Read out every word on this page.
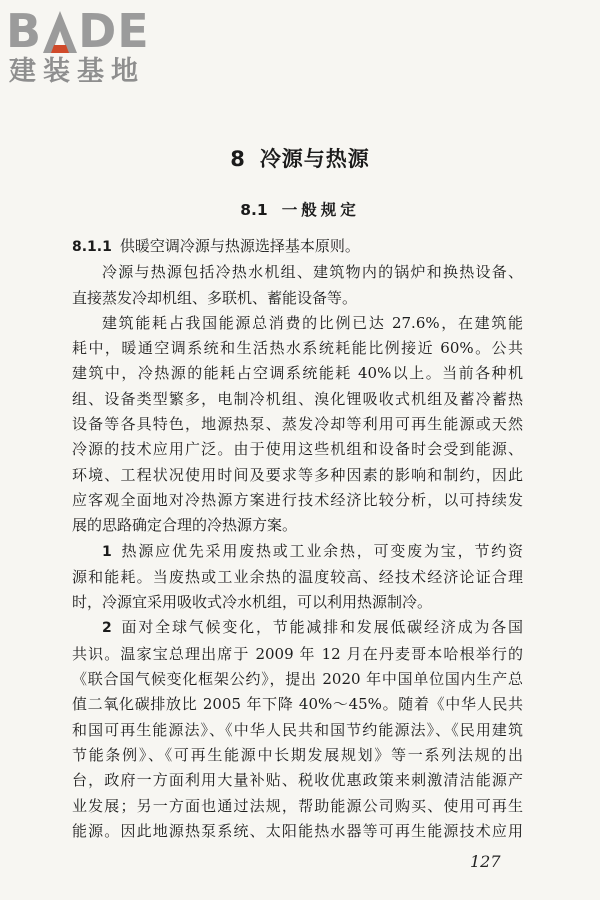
B DE
建装基地
8 冷源与热源
8.1 一般规定

8.1.1 供暖空调冷源与热源选择基本原则。

冷源与热源包括冷热水机组、建筑物内的锅炉和换热设备、

直接蒸发冷却机组、多联机、蓄能设备等。

建筑能耗占我国能源总消费的比例已达 27.6%，在建筑能

耗中，暖通空调系统和生活热水系统耗能比例接近 60%。公共

建筑中，冷热源的能耗占空调系统能耗 40%以上。当前各种机

组、设备类型繁多，电制冷机组、溴化锂吸收式机组及蓄冷蓄热

设备等各具特色，地源热泵、蒸发冷却等利用可再生能源或天然

冷源的技术应用广泛。由于使用这些机组和设备时会受到能源、

环境、工程状况使用时间及要求等多种因素的影响和制约，因此

应客观全面地对冷热源方案进行技术经济比较分析，以可持续发

展的思路确定合理的冷热源方案。

1 热源应优先采用废热或工业余热，可变废为宝，节约资

源和能耗。当废热或工业余热的温度较高、经技术经济论证合理

时，冷源宜采用吸收式冷水机组，可以利用热源制冷。

2 面对全球气候变化，节能减排和发展低碳经济成为各国

共识。温家宝总理出席于 2009 年 12 月在丹麦哥本哈根举行的

《联合国气候变化框架公约》，提出 2020 年中国单位国内生产总

值二氧化碳排放比 2005 年下降 40%～45%。随着《中华人民共

和国可再生能源法》、《中华人民共和国节约能源法》、《民用建筑

节能条例》、《可再生能源中长期发展规划》等一系列法规的出

台，政府一方面利用大量补贴、税收优惠政策来刺激清洁能源产

业发展；另一方面也通过法规，帮助能源公司购买、使用可再生

能源。因此地源热泵系统、太阳能热水器等可再生能源技术应用

127
